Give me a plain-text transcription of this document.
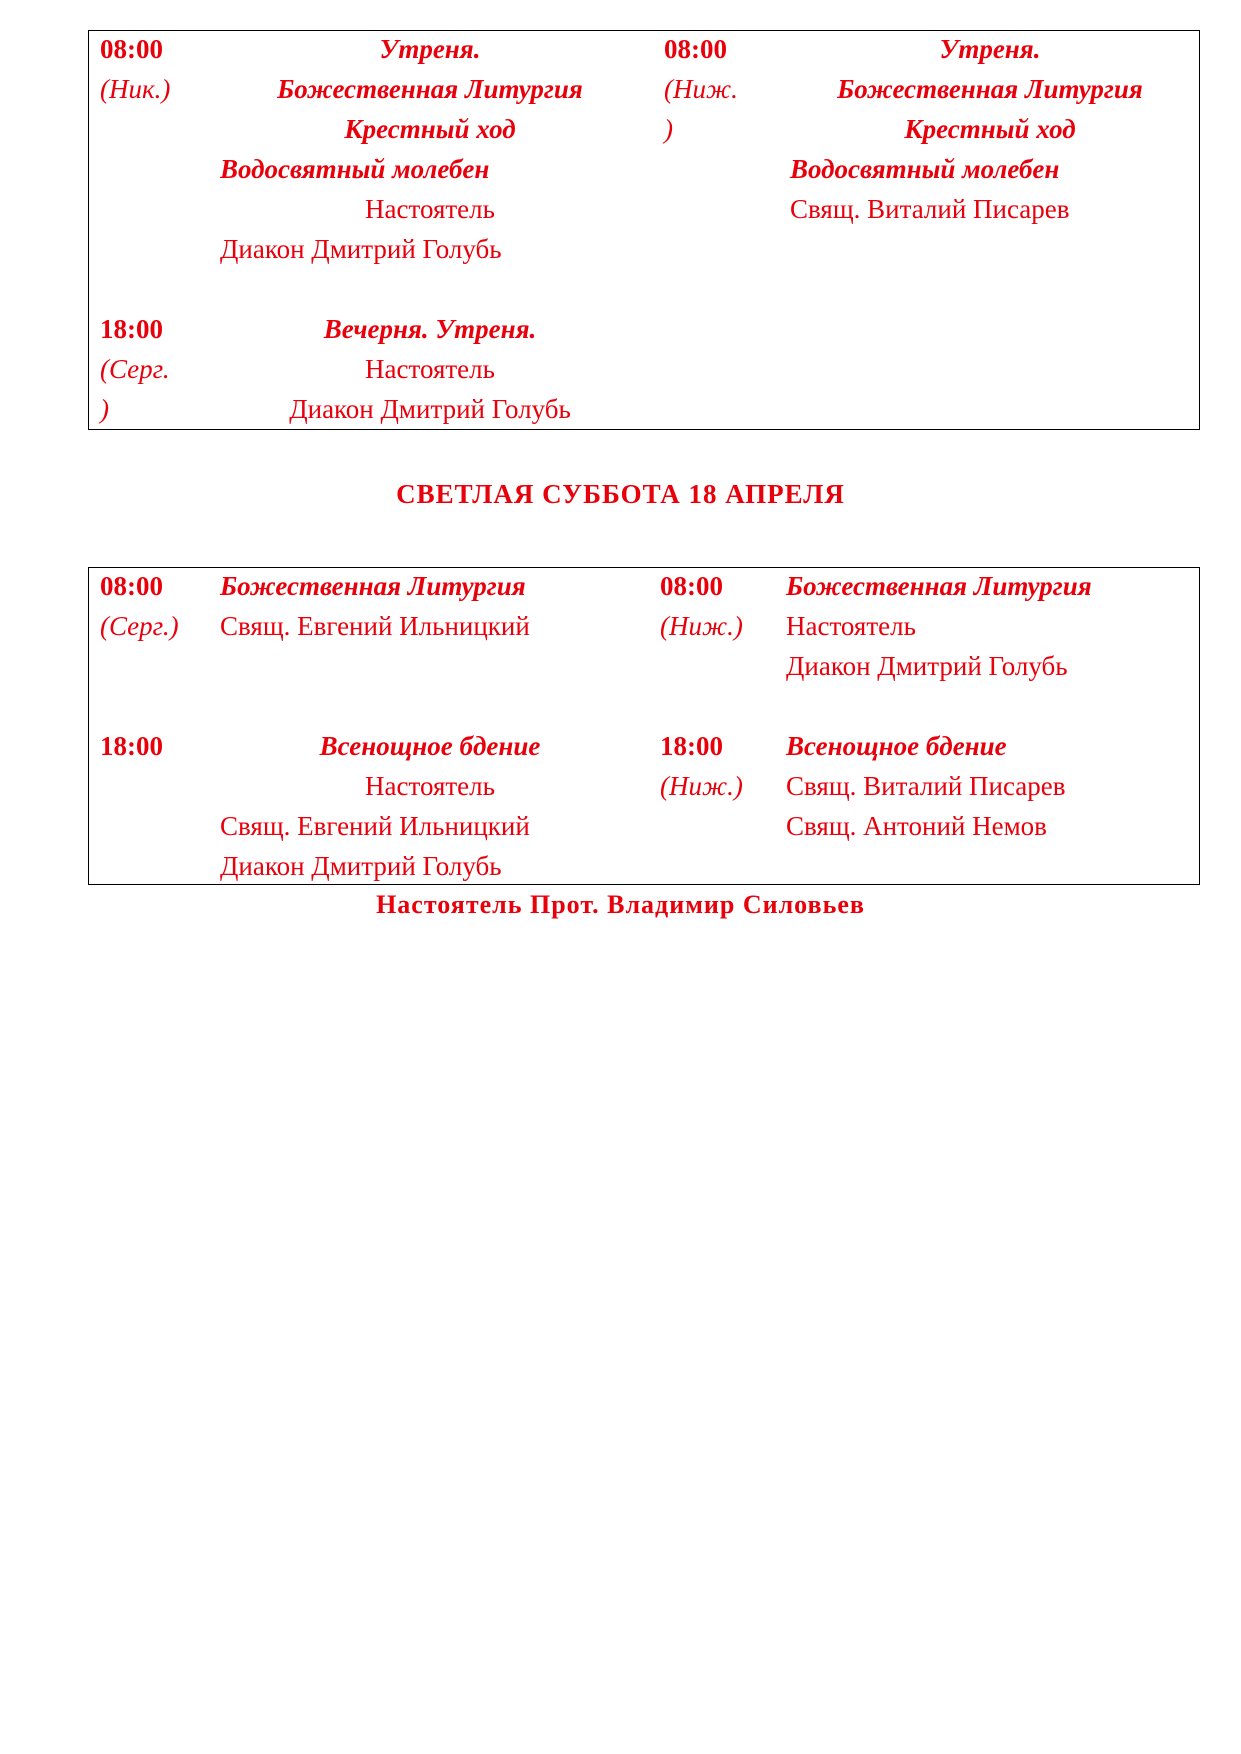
08:00
(Ник.)
Утреня.
Божественная Литургия
Крестный ход
Водосвятный молебен
Настоятель
Диакон Дмитрий Голубь
18:00
(Серг.
)
Вечерня. Утреня.
Настоятель
Диакон Дмитрий Голубь
08:00
(Ниж.
)
Утреня.
Божественная Литургия
Крестный ход
Водосвятный молебен
Свящ. Виталий Писарев
СВЕТЛАЯ СУББОТА 18 АПРЕЛЯ
08:00
(Серг.)
Божественная Литургия
Свящ. Евгений Ильницкий
18:00	Всенощное бдение
Настоятель
Свящ. Евгений Ильницкий
Диакон Дмитрий Голубь
08:00
(Ниж.)
Божественная Литургия
Настоятель
Диакон Дмитрий Голубь
18:00
(Ниж.)
Всенощное бдение
Свящ. Виталий Писарев
Свящ. Антоний Немов
Настоятель Прот. Владимир Силовьев
